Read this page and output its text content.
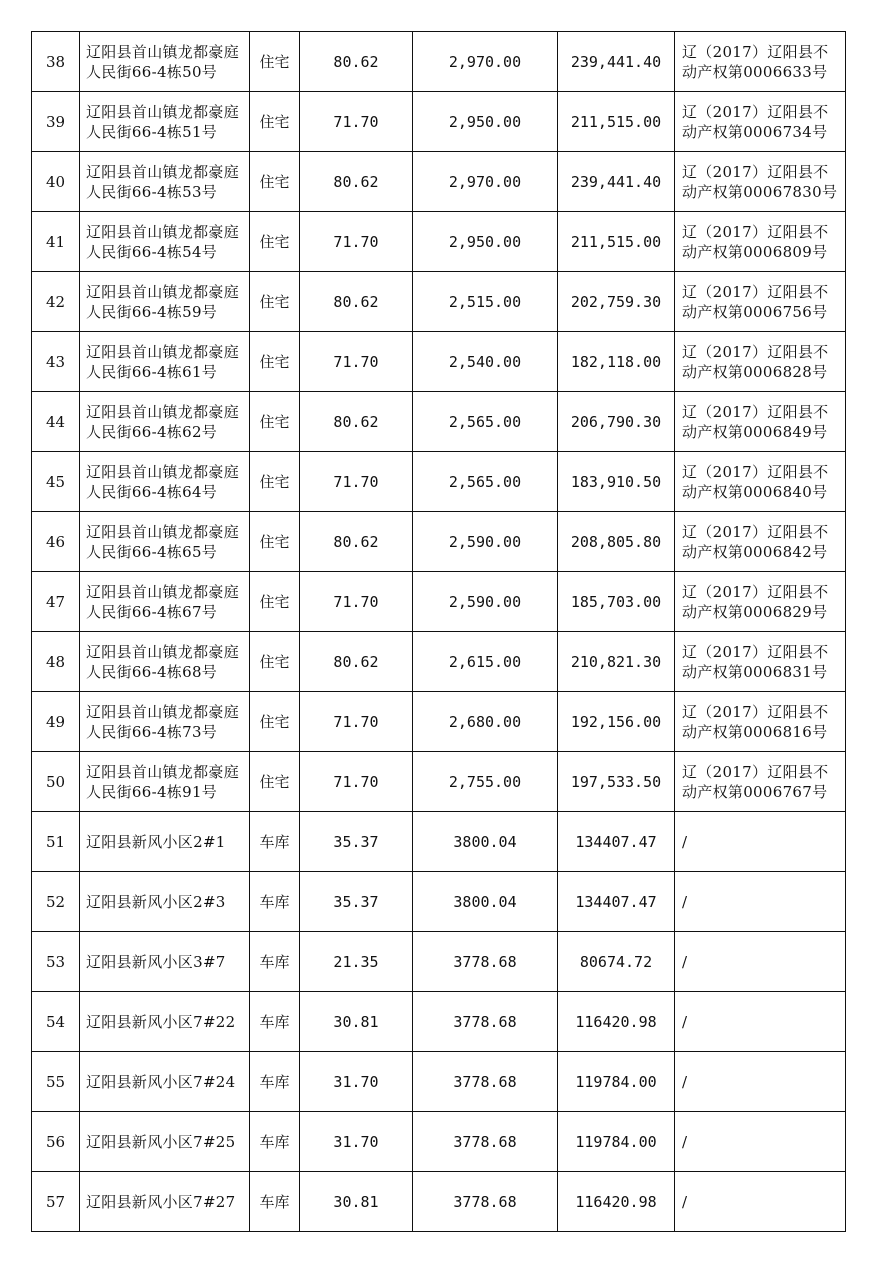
38	辽阳县首山镇龙都豪庭人民街66-4栋50号	住宅	80.62	2,970.00	239,441.40	辽（2017）辽阳县不动产权第0006633号

39	辽阳县首山镇龙都豪庭人民街66-4栋51号	住宅	71.70	2,950.00	211,515.00	辽（2017）辽阳县不动产权第0006734号

40	辽阳县首山镇龙都豪庭人民街66-4栋53号	住宅	80.62	2,970.00	239,441.40	辽（2017）辽阳县不动产权第00067830号

41	辽阳县首山镇龙都豪庭人民街66-4栋54号	住宅	71.70	2,950.00	211,515.00	辽（2017）辽阳县不动产权第0006809号

42	辽阳县首山镇龙都豪庭人民街66-4栋59号	住宅	80.62	2,515.00	202,759.30	辽（2017）辽阳县不动产权第0006756号

43	辽阳县首山镇龙都豪庭人民街66-4栋61号	住宅	71.70	2,540.00	182,118.00	辽（2017）辽阳县不动产权第0006828号

44	辽阳县首山镇龙都豪庭人民街66-4栋62号	住宅	80.62	2,565.00	206,790.30	辽（2017）辽阳县不动产权第0006849号

45	辽阳县首山镇龙都豪庭人民街66-4栋64号	住宅	71.70	2,565.00	183,910.50	辽（2017）辽阳县不动产权第0006840号

46	辽阳县首山镇龙都豪庭人民街66-4栋65号	住宅	80.62	2,590.00	208,805.80	辽（2017）辽阳县不动产权第0006842号

47	辽阳县首山镇龙都豪庭人民街66-4栋67号	住宅	71.70	2,590.00	185,703.00	辽（2017）辽阳县不动产权第0006829号

48	辽阳县首山镇龙都豪庭人民街66-4栋68号	住宅	80.62	2,615.00	210,821.30	辽（2017）辽阳县不动产权第0006831号

49	辽阳县首山镇龙都豪庭人民街66-4栋73号	住宅	71.70	2,680.00	192,156.00	辽（2017）辽阳县不动产权第0006816号

50	辽阳县首山镇龙都豪庭人民街66-4栋91号	住宅	71.70	2,755.00	197,533.50	辽（2017）辽阳县不动产权第0006767号

51	辽阳县新风小区2#1	车库	35.37	3800.04	134407.47	/

52	辽阳县新风小区2#3	车库	35.37	3800.04	134407.47	/

53	辽阳县新风小区3#7	车库	21.35	3778.68	80674.72	/

54	辽阳县新风小区7#22	车库	30.81	3778.68	116420.98	/

55	辽阳县新风小区7#24	车库	31.70	3778.68	119784.00	/

56	辽阳县新风小区7#25	车库	31.70	3778.68	119784.00	/

57	辽阳县新风小区7#27	车库	30.81	3778.68	116420.98	/
